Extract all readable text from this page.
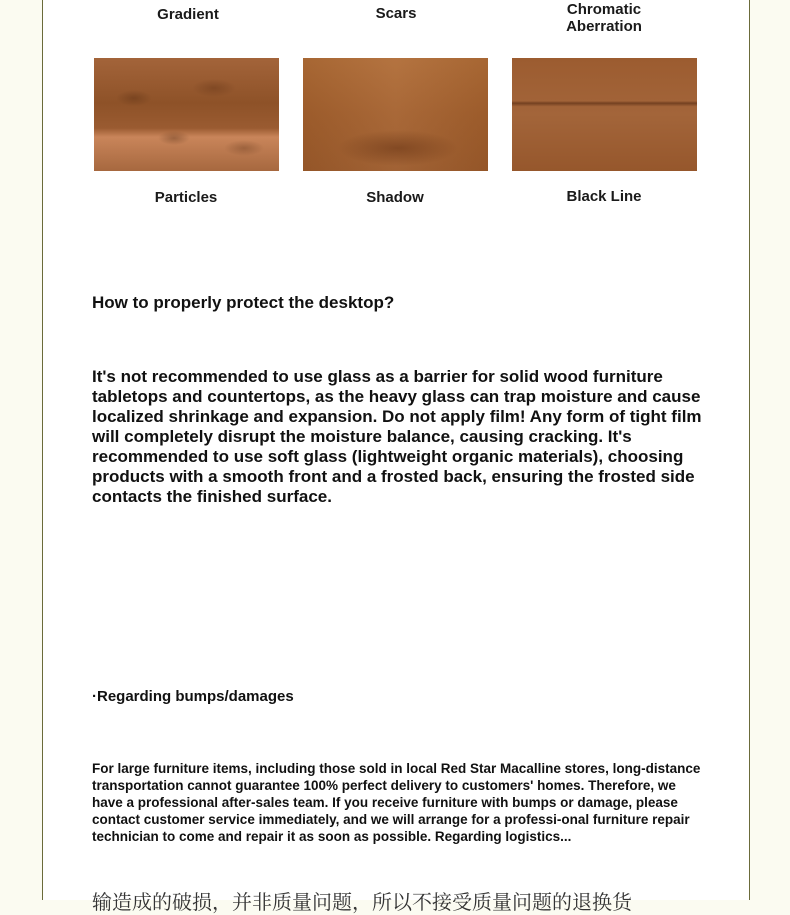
Gradient	Scars	Chromatic Aberration
Particles	Shadow	Black Line
How to properly protect the desktop?

It's not recommended to use glass as a barrier for solid wood furniture tabletops and countertops, as the heavy glass can trap moisture and cause localized shrinkage and expansion. Do not apply film! Any form of tight film will completely disrupt the moisture balance, causing cracking. It's recommended to use soft glass (lightweight organic materials), choosing products with a smooth front and a frosted back, ensuring the frosted side contacts the finished surface.

·Regarding bumps/damages

For large furniture items, including those sold in local Red Star Macalline stores, long-distance transportation cannot guarantee 100% perfect delivery to customers' homes. Therefore, we have a professional after-sales team. If you receive furniture with bumps or damage, please contact customer service immediately, and we will arrange for a professi-onal furniture repair technician to come and repair it as soon as possible. Regarding logistics...

输造成的破损，并非质量问题，所以不接受质量问题的退换货
